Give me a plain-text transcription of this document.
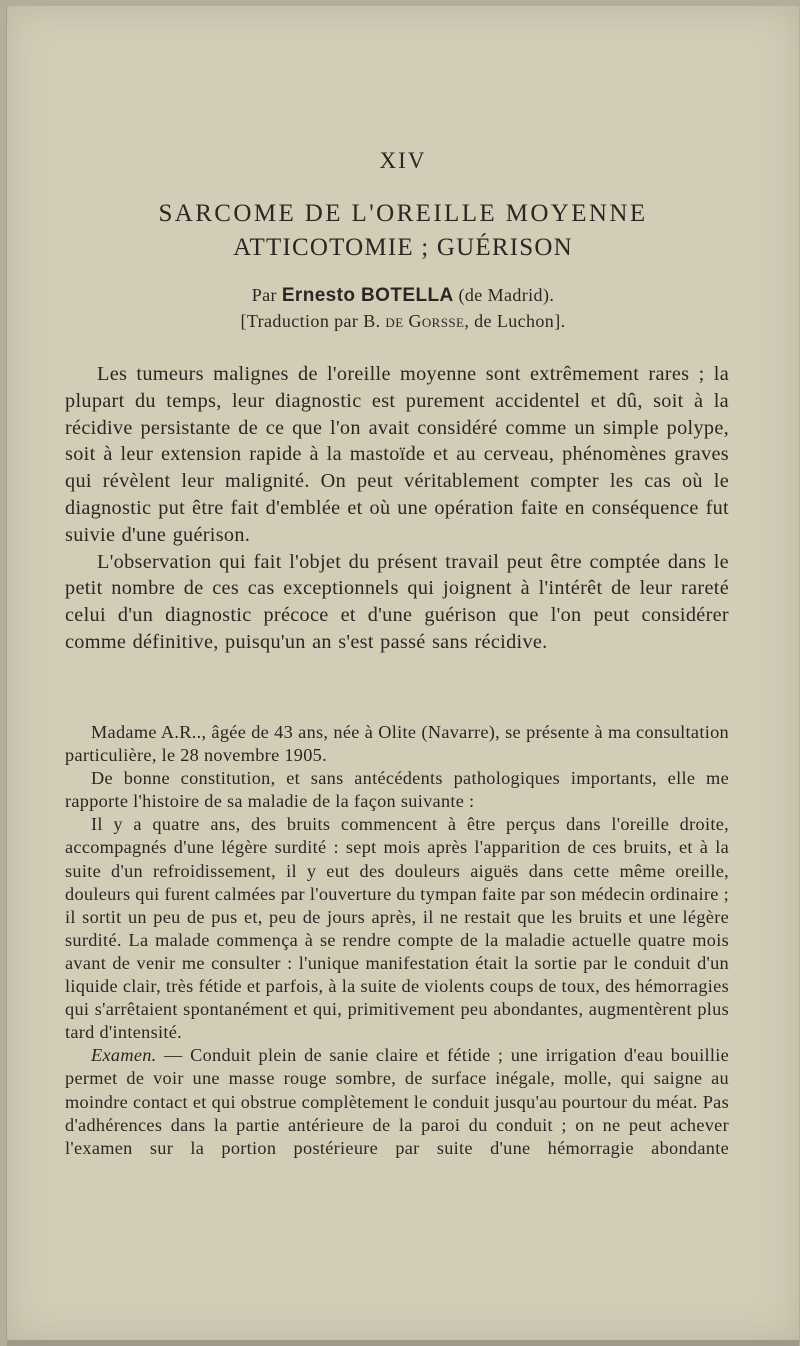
XIV
SARCOME DE L'OREILLE MOYENNE
ATTICOTOMIE ; GUÉRISON
Par Ernesto BOTELLA (de Madrid).
[Traduction par B. de Gorsse, de Luchon].

Les tumeurs malignes de l'oreille moyenne sont extrêmement rares ; la plupart du temps, leur diagnostic est purement accidentel et dû, soit à la récidive persistante de ce que l'on avait considéré comme un simple polype, soit à leur extension rapide à la mastoïde et au cerveau, phénomènes graves qui révèlent leur malignité. On peut véritablement compter les cas où le diagnostic put être fait d'emblée et où une opération faite en conséquence fut suivie d'une guérison.

L'observation qui fait l'objet du présent travail peut être comptée dans le petit nombre de ces cas exceptionnels qui joignent à l'intérêt de leur rareté celui d'un diagnostic précoce et d'une guérison que l'on peut considérer comme définitive, puisqu'un an s'est passé sans récidive.

Madame A.R.., âgée de 43 ans, née à Olite (Navarre), se présente à ma consultation particulière, le 28 novembre 1905.

De bonne constitution, et sans antécédents pathologiques importants, elle me rapporte l'histoire de sa maladie de la façon suivante :

Il y a quatre ans, des bruits commencent à être perçus dans l'oreille droite, accompagnés d'une légère surdité : sept mois après l'apparition de ces bruits, et à la suite d'un refroidissement, il y eut des douleurs aiguës dans cette même oreille, douleurs qui furent calmées par l'ouverture du tympan faite par son médecin ordinaire ; il sortit un peu de pus et, peu de jours après, il ne restait que les bruits et une légère surdité. La malade commença à se rendre compte de la maladie actuelle quatre mois avant de venir me consulter : l'unique manifestation était la sortie par le conduit d'un liquide clair, très fétide et parfois, à la suite de violents coups de toux, des hémorragies qui s'arrêtaient spontanément et qui, primitivement peu abondantes, augmentèrent plus tard d'intensité.

Examen. — Conduit plein de sanie claire et fétide ; une irrigation d'eau bouillie permet de voir une masse rouge sombre, de surface inégale, molle, qui saigne au moindre contact et qui obstrue complètement le conduit jusqu'au pourtour du méat. Pas d'adhérences dans la partie antérieure de la paroi du conduit ; on ne peut achever l'examen sur la portion postérieure par suite d'une hémorragie abondante
